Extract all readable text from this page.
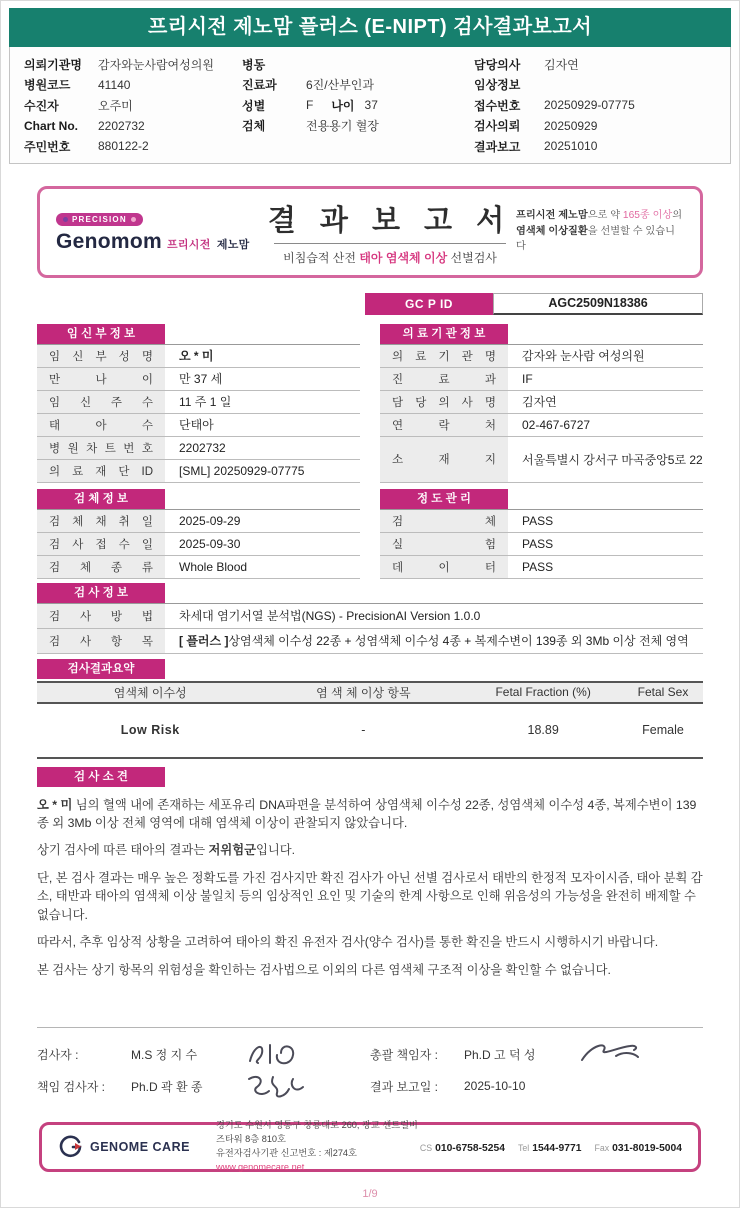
프리시전 제노맘 플러스 (E-NIPT) 검사결과보고서
의뢰기관명	감자와눈사람여성의원
병원코드	41140
수진자	오주미
Chart No.	2202732
주민번호	880122-2
병동
진료과	6진/산부인과
성별	F 나이 37
검체	전용용기 혈장
담당의사	김자연
임상정보
접수번호	20250929-07775
검사의뢰	20250929
결과보고	20251010
PRECISION
Genomom 프리시전 제노맘
결 과 보 고 서
비침습적 산전 태아 염색체 이상 선별검사
프리시전 제노맘으로 약 165종 이상의
염색체 이상질환을 선별할 수 있습니다
GC P ID	AGC2509N18386
임 신 부 정 보
임 신 부 성 명	오 * 미
만 나 이	만 37 세
임 신 주 수	11 주 1 일
태 아 수	단태아
병 원 차 트 번 호	2202732
의 료 재 단 ID	[SML] 20250929-07775
의 료 기 관 정 보
의 료 기 관 명	감자와 눈사람 여성의원
진 료 과	IF
담 당 의 사 명	김자연
연 락 처	02-467-6727
소 재 지	서울특별시 강서구 마곡중앙5로 22
검 체 정 보
검 체 채 취 일	2025-09-29
검 사 접 수 일	2025-09-30
검 체 종 류	Whole Blood
정 도 관 리
검 체	PASS
실 험	PASS
데 이 터	PASS
검 사 정 보
검 사 방 법	차세대 염기서열 분석법(NGS) - PrecisionAI Version 1.0.0
검 사 항 목 [ 플러스 ] 상염색체 이수성 22종 + 성염색체 이수성 4종 + 복제수변이 139종 외 3Mb 이상 전체 영역
검사결과요약
염색체 이수성	염 색 체 이상 항목	Fetal Fraction (%)	Fetal Sex
Low Risk	-	18.89	Female
검 사 소 견

오 * 미 님의 혈액 내에 존재하는 세포유리 DNA파편을 분석하여 상염색체 이수성 22종, 성염색체 이수성 4종, 복제수변이 139종 외 3Mb 이상 전체 영역에 대해 염색체 이상이 관찰되지 않았습니다.

상기 검사에 따른 태아의 결과는 저위험군입니다.

단, 본 검사 결과는 매우 높은 정확도를 가진 검사지만 확진 검사가 아닌 선별 검사로서 태반의 한정적 모자이시즘, 태아 분획 감소, 태반과 태아의 염색체 이상 불일치 등의 임상적인 요인 및 기술의 한계 사항으로 인해 위음성의 가능성을 완전히 배제할 수 없습니다.

따라서, 추후 임상적 상황을 고려하여 태아의 확진 유전자 검사(양수 검사)를 통한 확진을 반드시 시행하시기 바랍니다.

본 검사는 상기 항목의 위험성을 확인하는 검사법으로 이외의 다른 염색체 구조적 이상을 확인할 수 없습니다.

검사자 :	M.S 정 지 수
책임 검사자 :	Ph.D 곽 환 종
총괄 책임자 :	Ph.D 고 덕 성
결과 보고일 :	2025-10-10
GENOME CARE
경기도 수원시 영통구 창룡대로 260, 광교 센트럴비즈타워 8층 810호
유전자검사기관 신고번호 : 제274호
www.genomecare.net
CS 010-6758-5254 Tel 1544-9771 Fax 031-8019-5004
1/9
